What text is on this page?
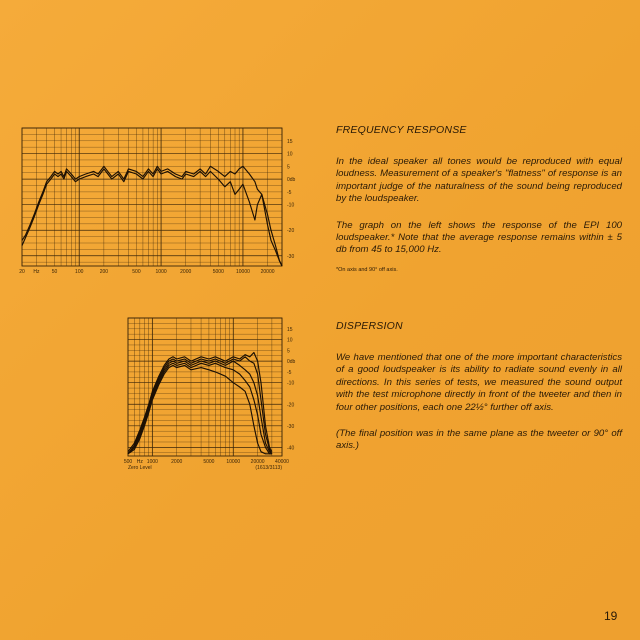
20 Hz 50	100	200	500	1000	2000	5000 10000 20000
15
10
5
0db
-5
-10
-20
-30
500 Hz 1000	2000	5000 10000 20000 40000
15
10
5
0db
-5
-10
-20
-30
-40
Zero Level	(1613/3113)
FREQUENCY RESPONSE

In the ideal speaker all tones would be reproduced with equal loudness. Measurement of a speaker's "flatness" of response is an important judge of the naturalness of the sound being reproduced by the loudspeaker.

The graph on the left shows the response of the EPI 100 loudspeaker.* Note that the average response remains within ± 5 db from 45 to 15,000 Hz.

*On axis and 90° off axis.
DISPERSION

We have mentioned that one of the more important characteristics of a good loudspeaker is its ability to radiate sound evenly in all directions. In this series of tests, we measured the sound output with the test microphone directly in front of the tweeter and then in four other positions, each one 22½° further off axis.

(The final position was in the same plane as the tweeter or 90° off axis.)

19
